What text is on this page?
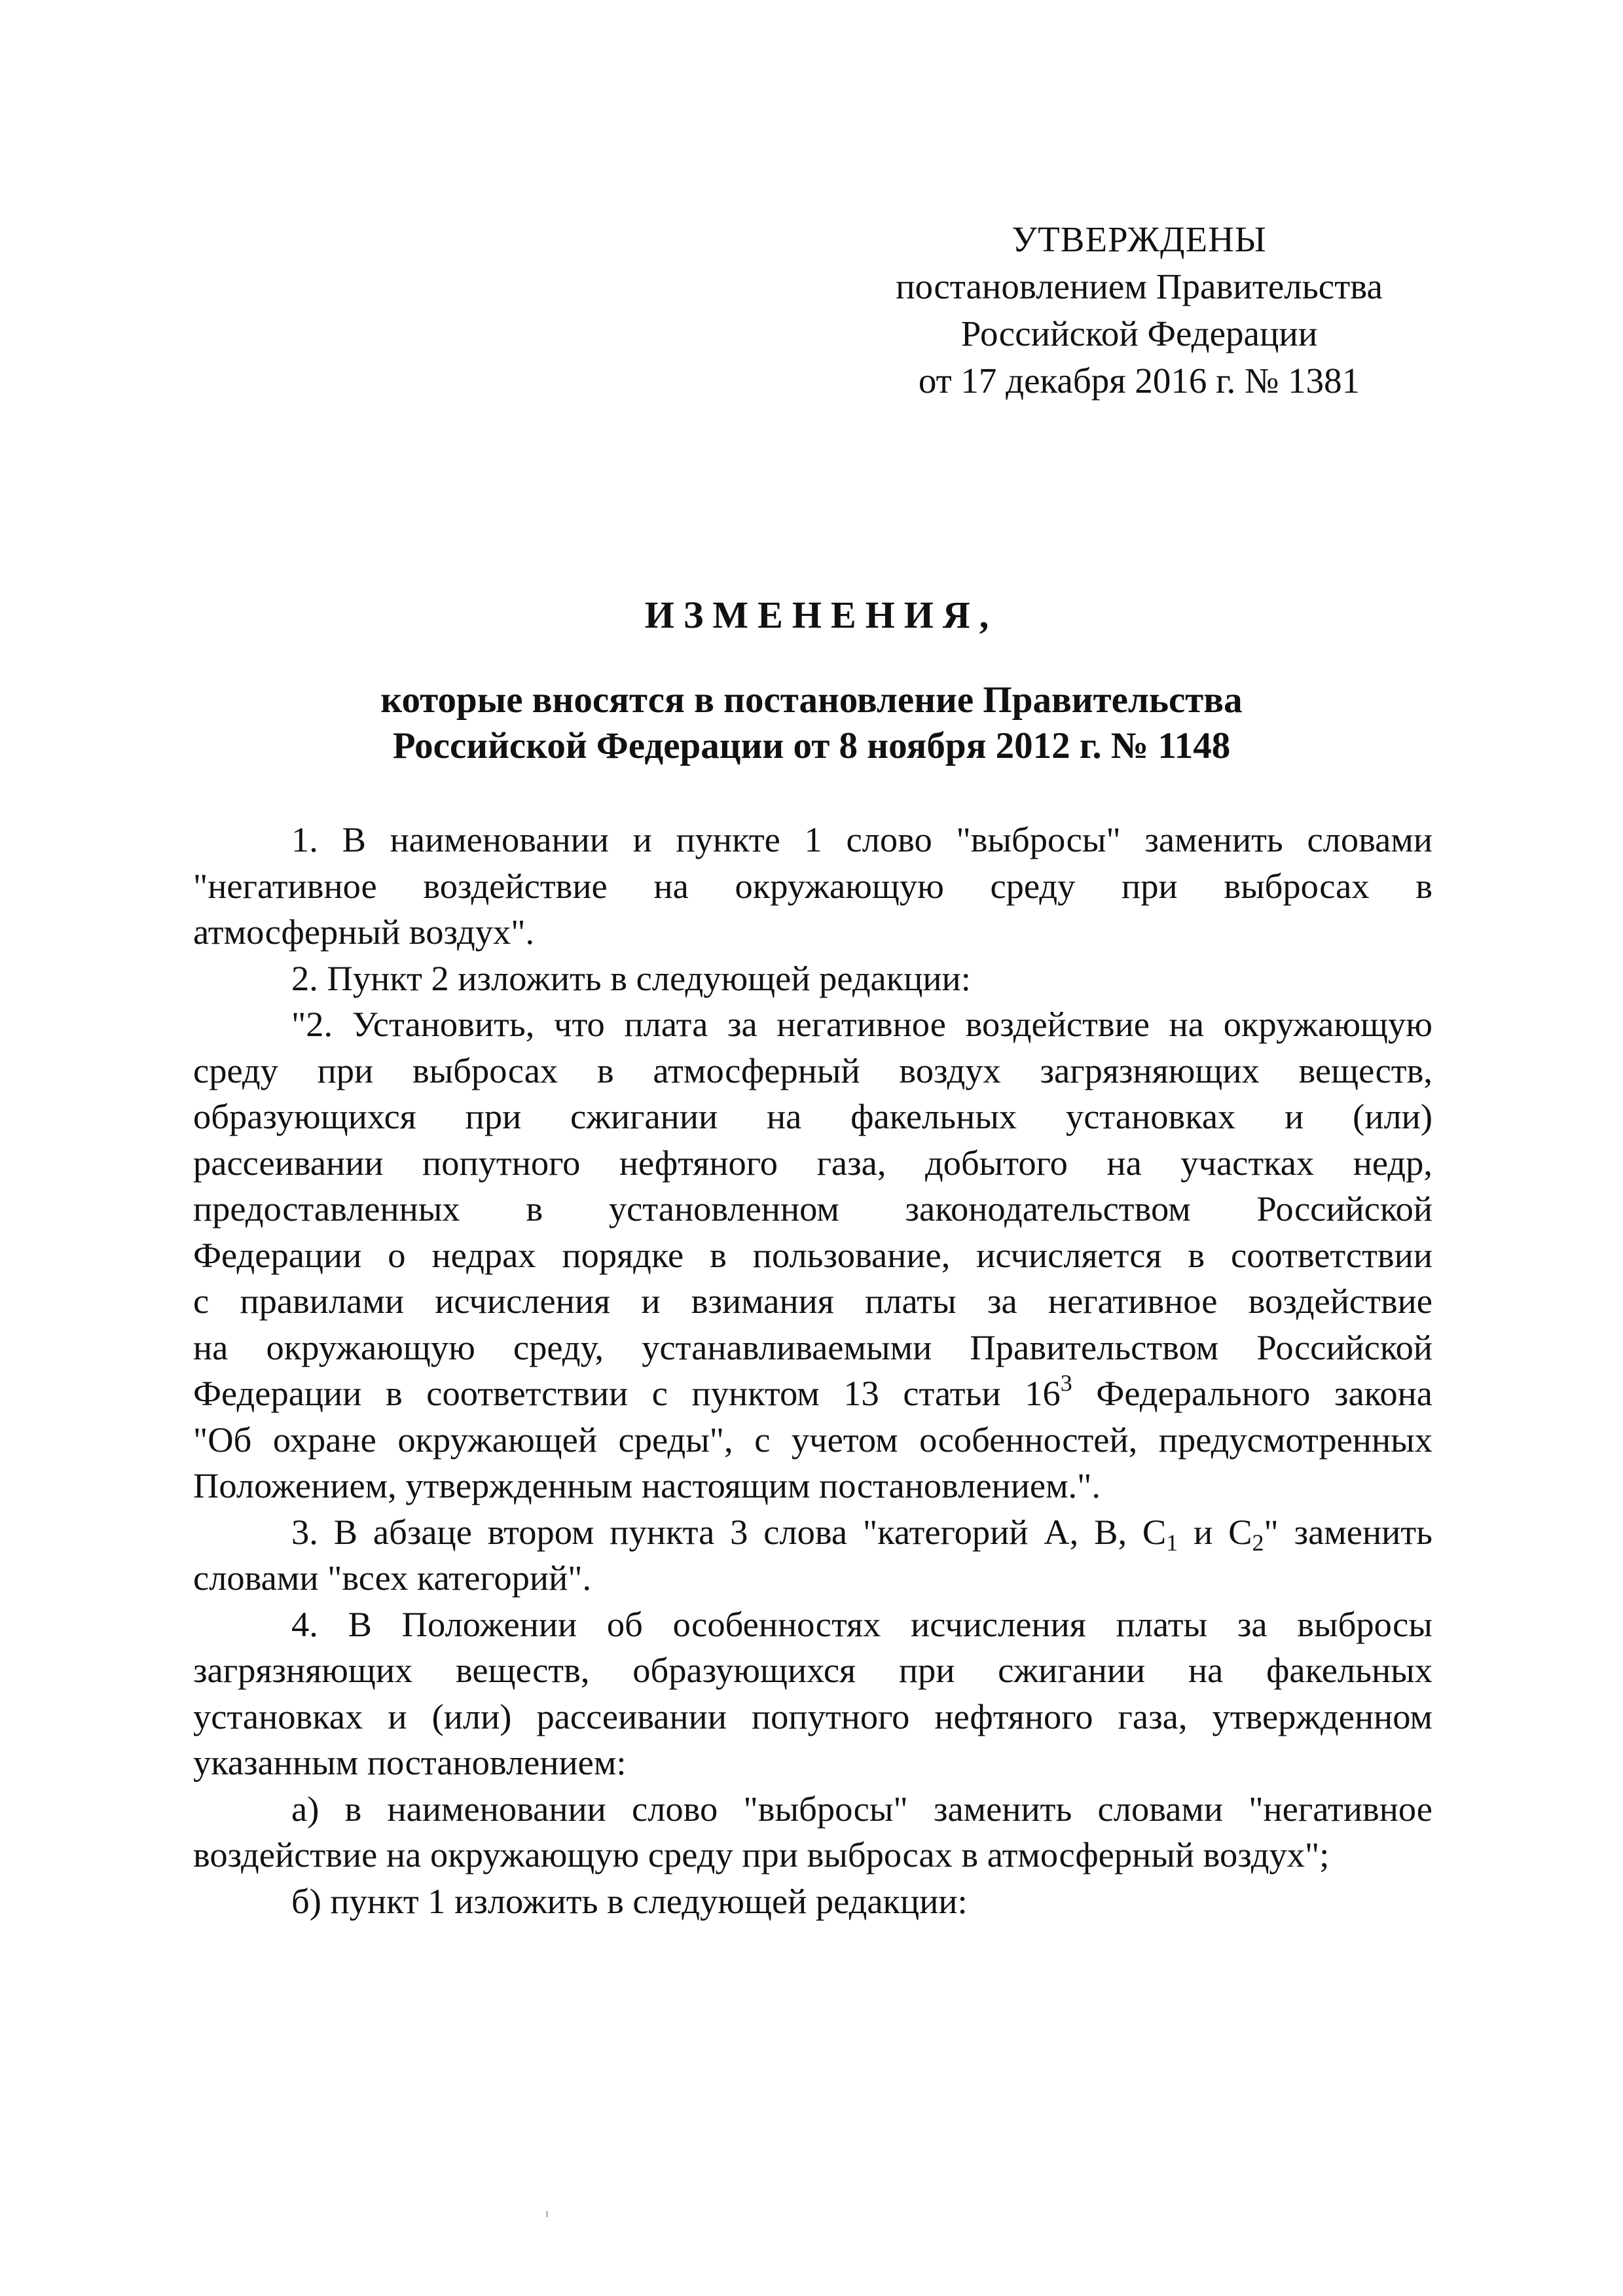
УТВЕРЖДЕНЫ
постановлением Правительства
Российской Федерации
от 17 декабря 2016 г. № 1381
ИЗМЕНЕНИЯ,
которые вносятся в постановление Правительства
Российской Федерации от 8 ноября 2012 г. № 1148
1. В наименовании и пункте 1 слово "выбросы" заменить словами
"негативное воздействие на окружающую среду при выбросах в
атмосферный воздух".
2. Пункт 2 изложить в следующей редакции:
"2. Установить, что плата за негативное воздействие на окружающую
среду при выбросах в атмосферный воздух загрязняющих веществ,
образующихся при сжигании на факельных установках и (или)
рассеивании попутного нефтяного газа, добытого на участках недр,
предоставленных в установленном законодательством Российской
Федерации о недрах порядке в пользование, исчисляется в соответствии
с правилами исчисления и взимания платы за негативное воздействие
на окружающую среду, устанавливаемыми Правительством Российской
Федерации в соответствии с пунктом 13 статьи $16^3$ Федерального закона
"Об охране окружающей среды", с учетом особенностей, предусмотренных
Положением, утвержденным настоящим постановлением.".
3. В абзаце втором пункта 3 слова "категорий А, В, $С_1$ и $С_2$" заменить
словами "всех категорий".
4. В Положении об особенностях исчисления платы за выбросы
загрязняющих веществ, образующихся при сжигании на факельных
установках и (или) рассеивании попутного нефтяного газа, утвержденном
указанным постановлением:
а) в наименовании слово "выбросы" заменить словами "негативное
воздействие на окружающую среду при выбросах в атмосферный воздух";
б) пункт 1 изложить в следующей редакции:
